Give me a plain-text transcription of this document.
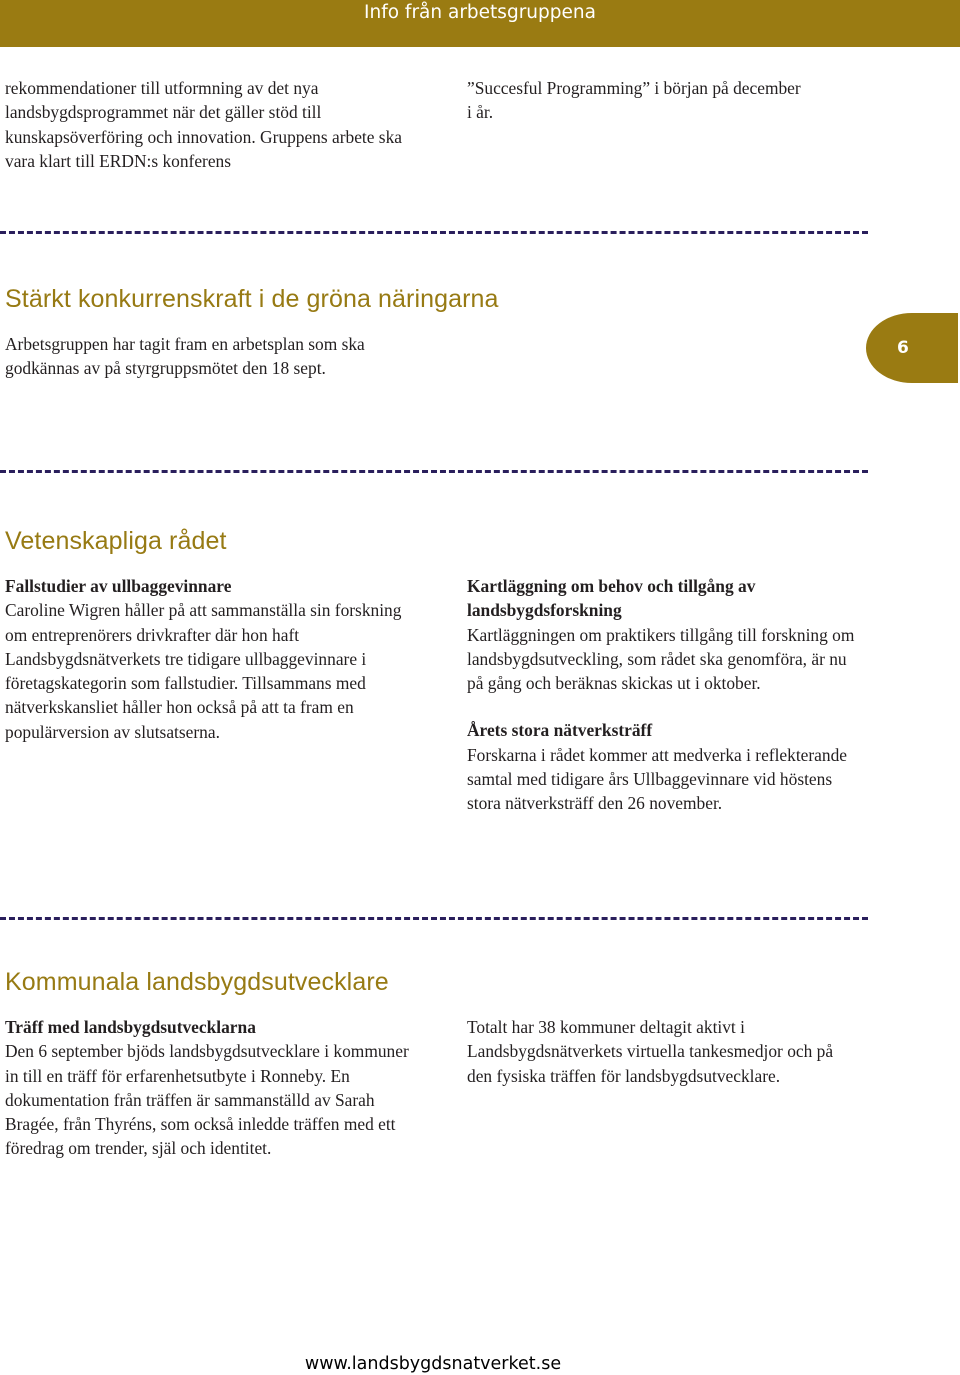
Info från arbetsgruppena

rekommendationer till utformning av det nya landsbygdsprogrammet när det gäller stöd till kunskapsöverföring och innovation. Gruppens arbete ska vara klart till ERDN:s konferens

”Succesful Programming” i början på december i år.

Stärkt konkurrenskraft i de gröna näringarna

Arbetsgruppen har tagit fram en arbetsplan som ska godkännas av på styrgruppsmötet den 18 sept.

6
Vetenskapliga rådet

Fallstudier av ullbaggevinnare

Caroline Wigren håller på att sammanställa sin forskning om entreprenörers drivkrafter där hon haft Landsbygdsnätverkets tre tidigare ullbaggevinnare i företagskategorin som fallstudier. Tillsammans med nätverkskansliet håller hon också på att ta fram en populärversion av slutsatserna.

Kartläggning om behov och tillgång av landsbygdsforskning

Kartläggningen om praktikers tillgång till forskning om landsbygdsutveckling, som rådet ska genomföra, är nu på gång och beräknas skickas ut i oktober.

Årets stora nätverksträff

Forskarna i rådet kommer att medverka i reflekterande samtal med tidigare års Ullbaggevinnare vid höstens stora nätverksträff den 26 november.

Kommunala landsbygdsutvecklare

Träff med landsbygdsutvecklarna

Den 6 september bjöds landsbygdsutvecklare i kommuner in till en träff för erfarenhetsutbyte i Ronneby. En dokumentation från träffen är sammanställd av Sarah Bragée, från Thyréns, som också inledde träffen med ett föredrag om trender, själ och identitet.

Totalt har 38 kommuner deltagit aktivt i Landsbygdsnätverkets virtuella tankesmedjor och på den fysiska träffen för landsbygdsutvecklare.

www.landsbygdsnatverket.se
